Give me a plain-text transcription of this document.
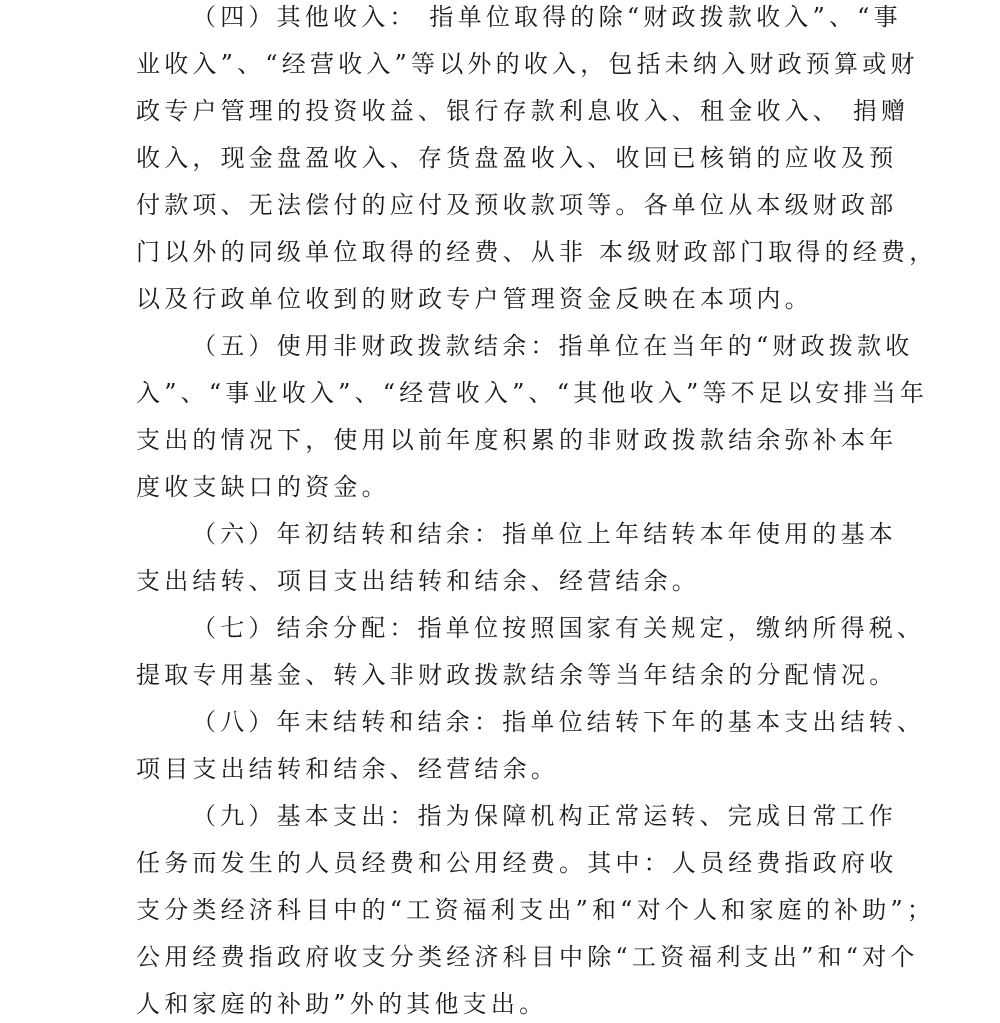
（四）其他收入： 指单位取得的除“财政拨款收入”、“事
业收入”、“经营收入”等以外的收入，包括未纳入财政预算或财
政专户管理的投资收益、银行存款利息收入、租金收入、 捐赠
收入，现金盘盈收入、存货盘盈收入、收回已核销的应收及预
付款项、无法偿付的应付及预收款项等。各单位从本级财政部
门以外的同级单位取得的经费、从非 本级财政部门取得的经费，
以及行政单位收到的财政专户管理资金反映在本项内。
（五）使用非财政拨款结余：指单位在当年的“财政拨款收
入”、“事业收入”、“经营收入”、“其他收入”等不足以安排当年
支出的情况下，使用以前年度积累的非财政拨款结余弥补本年
度收支缺口的资金。
（六）年初结转和结余：指单位上年结转本年使用的基本
支出结转、项目支出结转和结余、经营结余。
（七）结余分配：指单位按照国家有关规定，缴纳所得税、
提取专用基金、转入非财政拨款结余等当年结余的分配情况。
（八）年末结转和结余：指单位结转下年的基本支出结转、
项目支出结转和结余、经营结余。
（九）基本支出：指为保障机构正常运转、完成日常工作
任务而发生的人员经费和公用经费。其中：人员经费指政府收
支分类经济科目中的“工资福利支出”和“对个人和家庭的补助”；
公用经费指政府收支分类经济科目中除“工资福利支出”和“对个
人和家庭的补助”外的其他支出。
